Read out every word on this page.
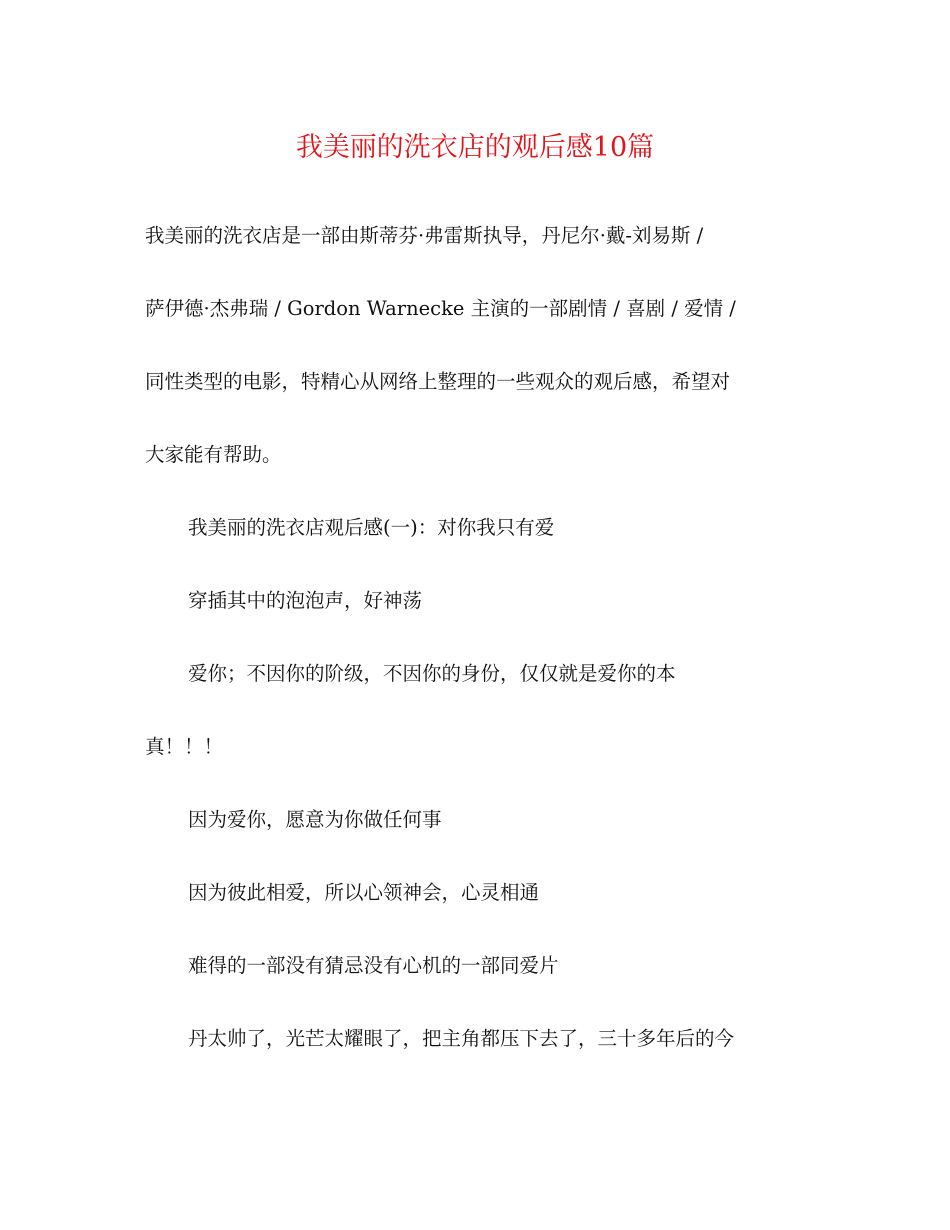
我美丽的洗衣店的观后感10篇

我美丽的洗衣店是一部由斯蒂芬·弗雷斯执导，丹尼尔·戴-刘易斯 /

萨伊德·杰弗瑞 / Gordon Warnecke 主演的一部剧情 / 喜剧 / 爱情 /

同性类型的电影，特精心从网络上整理的一些观众的观后感，希望对

大家能有帮助。

我美丽的洗衣店观后感(一)：对你我只有爱

穿插其中的泡泡声，好神荡

爱你；不因你的阶级，不因你的身份，仅仅就是爱你的本

真！！！

因为爱你，愿意为你做任何事

因为彼此相爱，所以心领神会，心灵相通

难得的一部没有猜忌没有心机的一部同爱片

丹太帅了，光芒太耀眼了，把主角都压下去了，三十多年后的今
